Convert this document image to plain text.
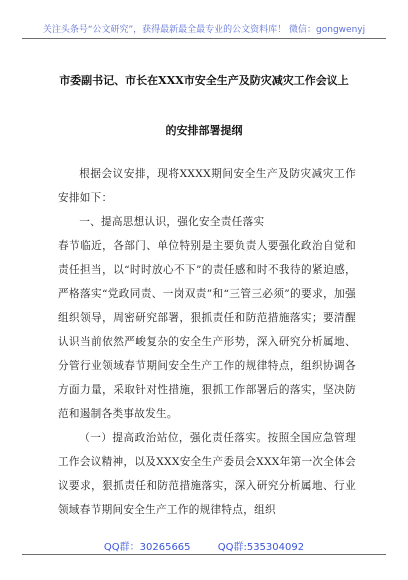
关注头条号“公文研究”，获得最新最全最专业的公文资料库！ 微信：gongwenyj
市委副书记、市长在XXX市安全生产及防灾减灾工作会议上
的安排部署提纲

根据会议安排，现将XXXX期间安全生产及防灾减灾工作安排如下：

一、提高思想认识，强化安全责任落实

春节临近，各部门、单位特别是主要负责人要强化政治自觉和责任担当，以“时时放心不下”的责任感和时不我待的紧迫感，严格落实“党政同责、一岗双责”和“三管三必须”的要求，加强组织领导，周密研究部署，狠抓责任和防范措施落实；要清醒认识当前依然严峻复杂的安全生产形势，深入研究分析属地、分管行业领域春节期间安全生产工作的规律特点，组织协调各方面力量，采取针对性措施，狠抓工作部署后的落实，坚决防范和遏制各类事故发生。

（一）提高政治站位，强化责任落实。按照全国应急管理工作会议精神，以及XXX安全生产委员会XXX年第一次全体会议要求，狠抓责任和防范措施落实，深入研究分析属地、行业领域春节期间安全生产工作的规律特点，组织

QQ群：30265665	QQ群:535304092
